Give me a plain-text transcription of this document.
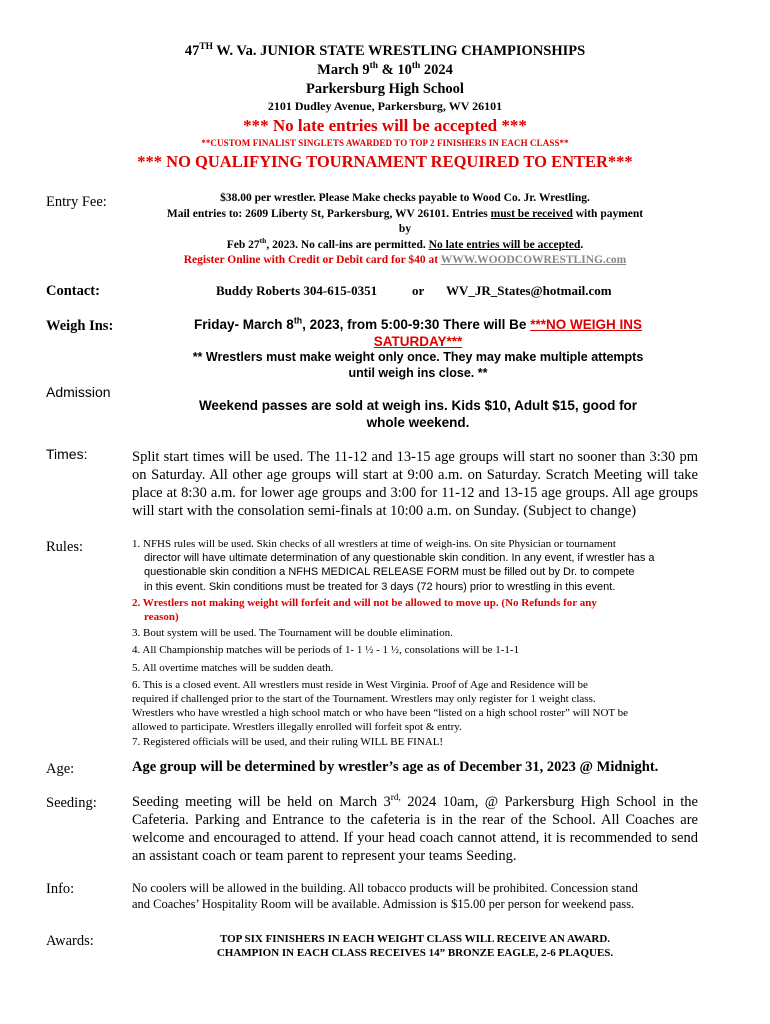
47TH W. Va. JUNIOR STATE WRESTLING CHAMPIONSHIPS
March 9th & 10th 2024
Parkersburg High School
2101 Dudley Avenue, Parkersburg, WV 26101
*** No late entries will be accepted ***
**CUSTOM FINALIST SINGLETS AWARDED TO TOP 2 FINISHERS IN EACH CLASS**
*** NO QUALIFYING TOURNAMENT REQUIRED TO ENTER***
Entry Fee:	$38.00 per wrestler. Please Make checks payable to Wood Co. Jr. Wrestling.
Mail entries to: 2609 Liberty St, Parkersburg, WV 26101. Entries must be received with payment
by
Feb 27th, 2023. No call-ins are permitted. No late entries will be accepted.
Register Online with Credit or Debit card for $40 at WWW.WOODCOWRESTLING.com
Contact:	Buddy Roberts 304-615-0351	or WV_JR_States@hotmail.com
Weigh Ins:	Friday- March 8th, 2023, from 5:00-9:30 There will Be ***NO WEIGH INS
SATURDAY***
** Wrestlers must make weight only once. They may make multiple attempts
until weigh ins close. **
Admission
Weekend passes are sold at weigh ins. Kids $10, Adult $15, good for
whole weekend.
Times:	Split start times will be used. The 11-12 and 13-15 age groups will start no sooner than 3:30 pm on Saturday. All other age groups will start at 9:00 a.m. on Saturday. Scratch Meeting will take place at 8:30 a.m. for lower age groups and 3:00 for 11-12 and 13-15 age groups. All age groups will start with the consolation semi-finals at 10:00 a.m. on Sunday. (Subject to change)
Rules:	1. NFHS rules will be used. Skin checks of all wrestlers at time of weigh-ins. On site Physician or tournament
director will have ultimate determination of any questionable skin condition. In any event, if wrestler has a
questionable skin condition a NFHS MEDICAL RELEASE FORM must be filled out by Dr. to compete
in this event. Skin conditions must be treated for 3 days (72 hours) prior to wrestling in this event.
2. Wrestlers not making weight will forfeit and will not be allowed to move up. (No Refunds for any
reason)
3. Bout system will be used. The Tournament will be double elimination.
4. All Championship matches will be periods of 1- 1 ½ - 1 ½, consolations will be 1-1-1
5. All overtime matches will be sudden death.
6. This is a closed event. All wrestlers must reside in West Virginia. Proof of Age and Residence will be
required if challenged prior to the start of the Tournament. Wrestlers may only register for 1 weight class.
Wrestlers who have wrestled a high school match or who have been “listed on a high school roster” will NOT be
allowed to participate. Wrestlers illegally enrolled will forfeit spot & entry.
7. Registered officials will be used, and their ruling WILL BE FINAL!
Age:	Age group will be determined by wrestler’s age as of December 31, 2023 @ Midnight.
Seeding: Seeding meeting will be held on March $3^{rd,}$ 2024 10am, @ Parkersburg High School in the Cafeteria. Parking and Entrance to the cafeteria is in the rear of the School. All Coaches are welcome and encouraged to attend. If your head coach cannot attend, it is recommended to send an assistant coach or team parent to represent your teams Seeding.
Info:	No coolers will be allowed in the building. All tobacco products will be prohibited. Concession stand
and Coaches’ Hospitality Room will be available. Admission is $15.00 per person for weekend pass.
Awards:	TOP SIX FINISHERS IN EACH WEIGHT CLASS WILL RECEIVE AN AWARD.
CHAMPION IN EACH CLASS RECEIVES 14” BRONZE EAGLE, 2-6 PLAQUES.
